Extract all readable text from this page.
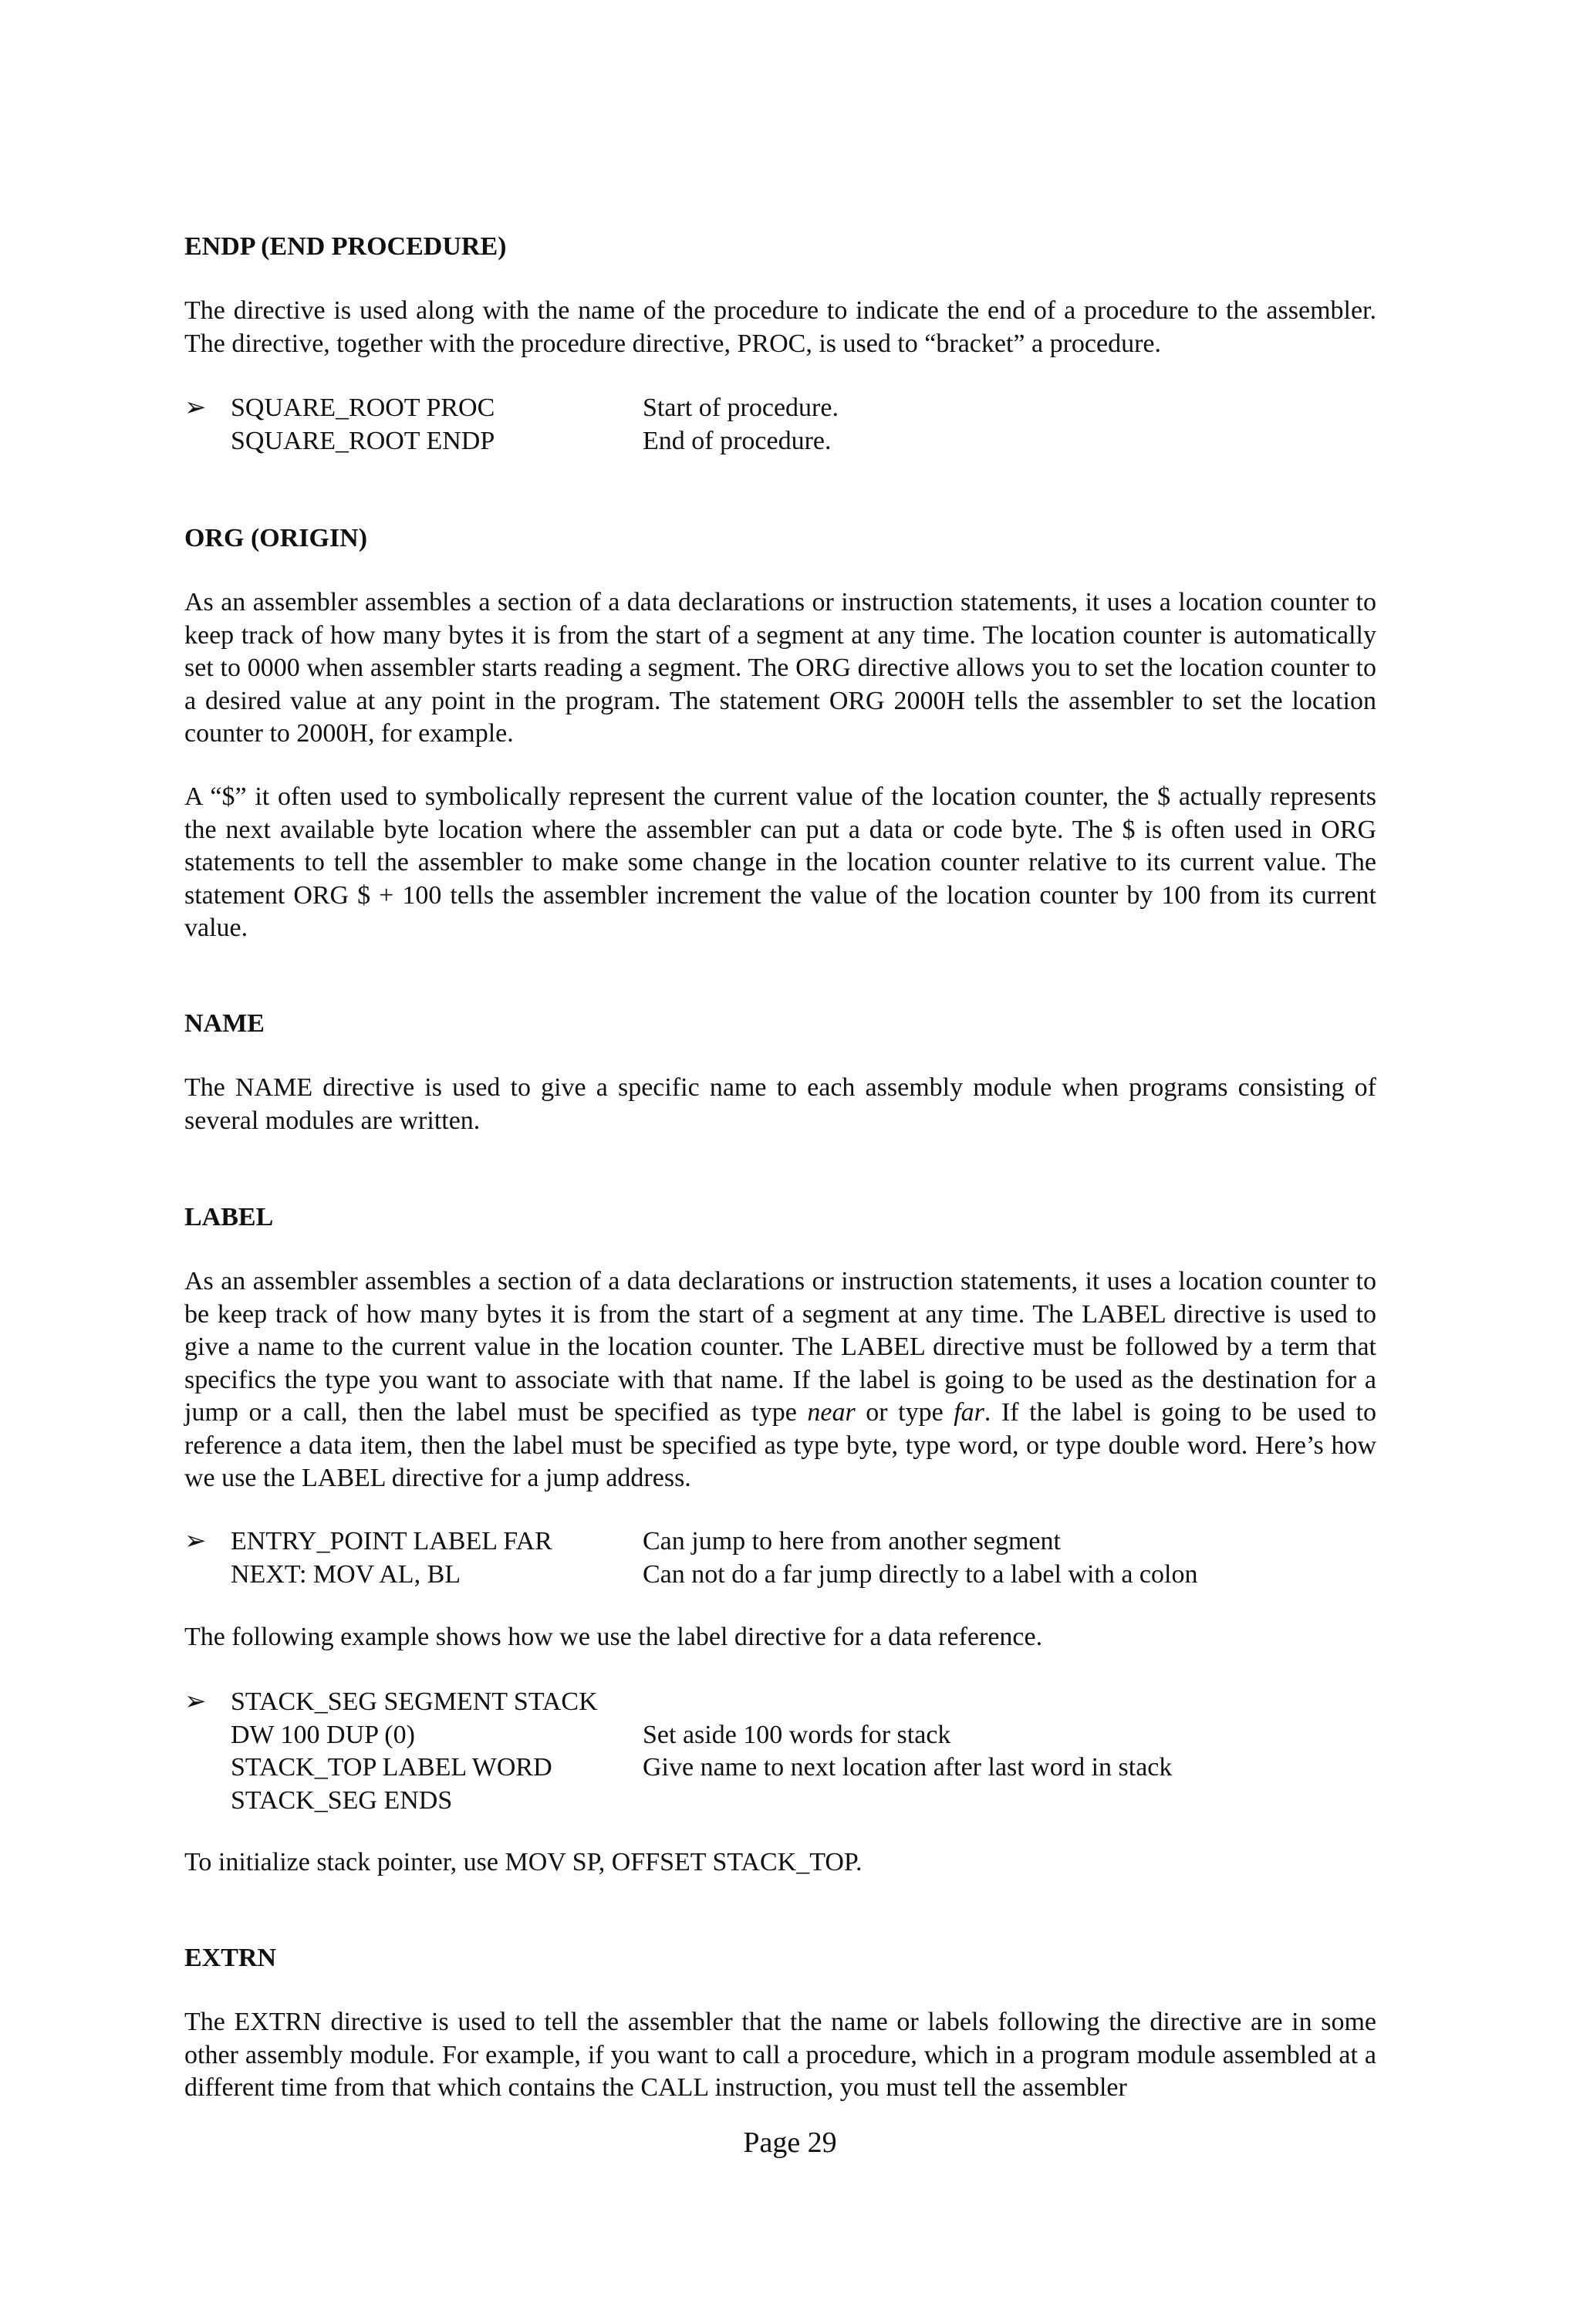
ENDP (END PROCEDURE)

The directive is used along with the name of the procedure to indicate the end of a procedure to the assembler. The directive, together with the procedure directive, PROC, is used to “bracket” a procedure.

➢ SQUARE_ROOT PROC	Start of procedure.
SQUARE_ROOT ENDP	End of procedure.
ORG (ORIGIN)

As an assembler assembles a section of a data declarations or instruction statements, it uses a location counter to keep track of how many bytes it is from the start of a segment at any time. The location counter is automatically set to 0000 when assembler starts reading a segment. The ORG directive allows you to set the location counter to a desired value at any point in the program. The statement ORG 2000H tells the assembler to set the location counter to 2000H, for example.

A “$” it often used to symbolically represent the current value of the location counter, the $ actually represents the next available byte location where the assembler can put a data or code byte. The $ is often used in ORG statements to tell the assembler to make some change in the location counter relative to its current value. The statement ORG $ + 100 tells the assembler increment the value of the location counter by 100 from its current value.

NAME

The NAME directive is used to give a specific name to each assembly module when programs consisting of several modules are written.

LABEL

As an assembler assembles a section of a data declarations or instruction statements, it uses a location counter to be keep track of how many bytes it is from the start of a segment at any time. The LABEL directive is used to give a name to the current value in the location counter. The LABEL directive must be followed by a term that specifics the type you want to associate with that name. If the label is going to be used as the destination for a jump or a call, then the label must be specified as type near or type far. If the label is going to be used to reference a data item, then the label must be specified as type byte, type word, or type double word. Here’s how we use the LABEL directive for a jump address.

➢ ENTRY_POINT LABEL FAR	Can jump to here from another segment
NEXT: MOV AL, BL	Can not do a far jump directly to a label with a colon

The following example shows how we use the label directive for a data reference.

➢ STACK_SEG SEGMENT STACK
DW 100 DUP (0)	Set aside 100 words for stack
STACK_TOP LABEL WORD	Give name to next location after last word in stack
STACK_SEG ENDS

To initialize stack pointer, use MOV SP, OFFSET STACK_TOP.

EXTRN

The EXTRN directive is used to tell the assembler that the name or labels following the directive are in some other assembly module. For example, if you want to call a procedure, which in a program module assembled at a different time from that which contains the CALL instruction, you must tell the assembler

Page 29
